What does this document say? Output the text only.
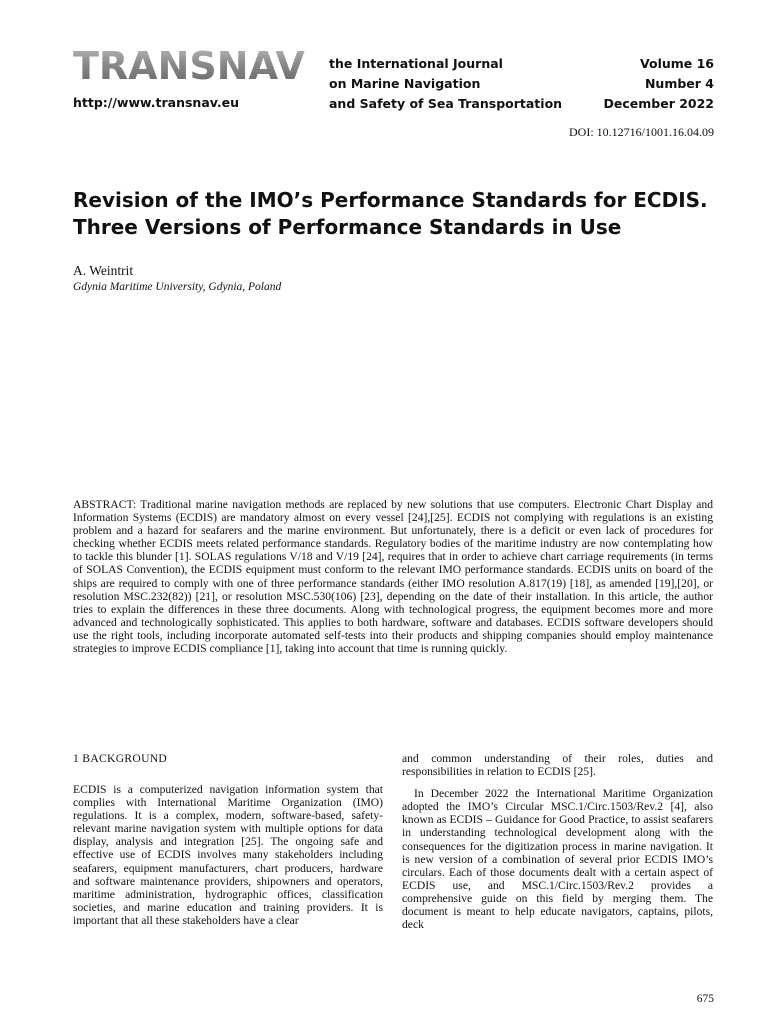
TRANSNAV
http://www.transnav.eu
the International Journal
on Marine Navigation
and Safety of Sea Transportation
Volume 16
Number 4
December 2022
DOI: 10.12716/1001.16.04.09
Revision of the IMO’s Performance Standards for ECDIS. Three Versions of Performance Standards in Use
A. Weintrit
Gdynia Maritime University, Gdynia, Poland

ABSTRACT: Traditional marine navigation methods are replaced by new solutions that use computers. Electronic Chart Display and Information Systems (ECDIS) are mandatory almost on every vessel [24],[25]. ECDIS not complying with regulations is an existing problem and a hazard for seafarers and the marine environment. But unfortunately, there is a deficit or even lack of procedures for checking whether ECDIS meets related performance standards. Regulatory bodies of the maritime industry are now contemplating how to tackle this blunder [1]. SOLAS regulations V/18 and V/19 [24], requires that in order to achieve chart carriage requirements (in terms of SOLAS Convention), the ECDIS equipment must conform to the relevant IMO performance standards. ECDIS units on board of the ships are required to comply with one of three performance standards (either IMO resolution A.817(19) [18], as amended [19],[20], or resolution MSC.232(82)) [21], or resolution MSC.530(106) [23], depending on the date of their installation. In this article, the author tries to explain the differences in these three documents. Along with technological progress, the equipment becomes more and more advanced and technologically sophisticated. This applies to both hardware, software and databases. ECDIS software developers should use the right tools, including incorporate automated self-tests into their products and shipping companies should employ maintenance strategies to improve ECDIS compliance [1], taking into account that time is running quickly.

1 BACKGROUND

ECDIS is a computerized navigation information system that complies with International Maritime Organization (IMO) regulations. It is a complex, modern, software-based, safety-relevant marine navigation system with multiple options for data display, analysis and integration [25]. The ongoing safe and effective use of ECDIS involves many stakeholders including seafarers, equipment manufacturers, chart producers, hardware and software maintenance providers, shipowners and operators, maritime administration, hydrographic offices, classification societies, and marine education and training providers. It is important that all these stakeholders have a clear

and common understanding of their roles, duties and responsibilities in relation to ECDIS [25].

In December 2022 the International Maritime Organization adopted the IMO’s Circular MSC.1/Circ.1503/Rev.2 [4], also known as ECDIS – Guidance for Good Practice, to assist seafarers in understanding technological development along with the consequences for the digitization process in marine navigation. It is new version of a combination of several prior ECDIS IMO’s circulars. Each of those documents dealt with a certain aspect of ECDIS use, and MSC.1/Circ.1503/Rev.2 provides a comprehensive guide on this field by merging them. The document is meant to help educate navigators, captains, pilots, deck

675
